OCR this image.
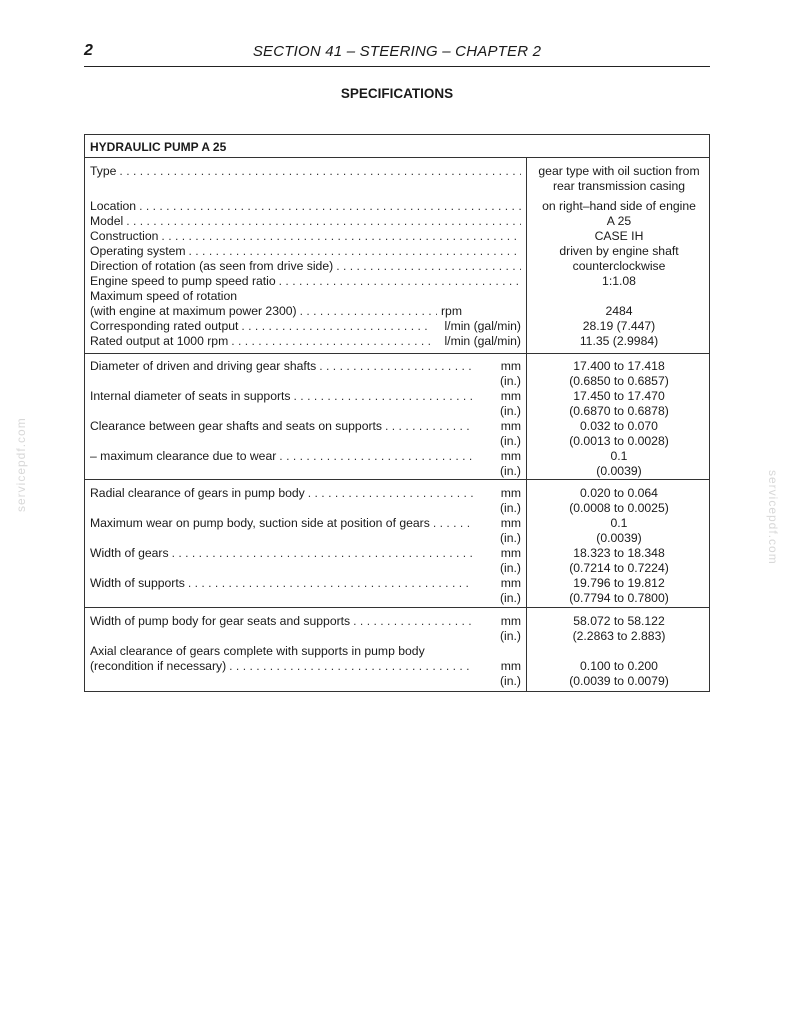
2	SECTION 41 – STEERING – CHAPTER 2
SPECIFICATIONS
servicepdf.com
servicepdf.com
HYDRAULIC PUMP A 25
Type . . .	gear type with oil suction from
rear transmission casing
Location . . .	on right–hand side of engine
Model . . .	A 25
Construction . . .	CASE IH
Operating system . . .	driven by engine shaft
Direction of rotation (as seen from drive side) . . .	counterclockwise
Engine speed to pump speed ratio . . .	1:1.08
Maximum speed of rotation
(with engine at maximum power 2300) . . .	rpm	2484
Corresponding rated output . . .	l/min (gal/min)	28.19 (7.447)
Rated output at 1000 rpm . . .	l/min (gal/min)	11.35 (2.9984)
Diameter of driven and driving gear shafts . . .	mm	17.400 to 17.418
(in.)	(0.6850 to 0.6857)
Internal diameter of seats in supports . . .	mm	17.450 to 17.470
(in.)	(0.6870 to 0.6878)
Clearance between gear shafts and seats on supports . . .	mm	0.032 to 0.070
(in.)	(0.0013 to 0.0028)
– maximum clearance due to wear . . .	mm	0.1
(in.)	(0.0039)
Radial clearance of gears in pump body . . .	mm	0.020 to 0.064
(in.)	(0.0008 to 0.0025)
Maximum wear on pump body, suction side at position of gears . . .	mm	0.1
(in.)	(0.0039)
Width of gears . . .	mm	18.323 to 18.348
(in.)	(0.7214 to 0.7224)
Width of supports . . .	mm	19.796 to 19.812
(in.)	(0.7794 to 0.7800)
Width of pump body for gear seats and supports . . .	mm	58.072 to 58.122
(in.)	(2.2863 to 2.883)
Axial clearance of gears complete with supports in pump body
(recondition if necessary) . . .	mm	0.100 to 0.200
(in.)	(0.0039 to 0.0079)
